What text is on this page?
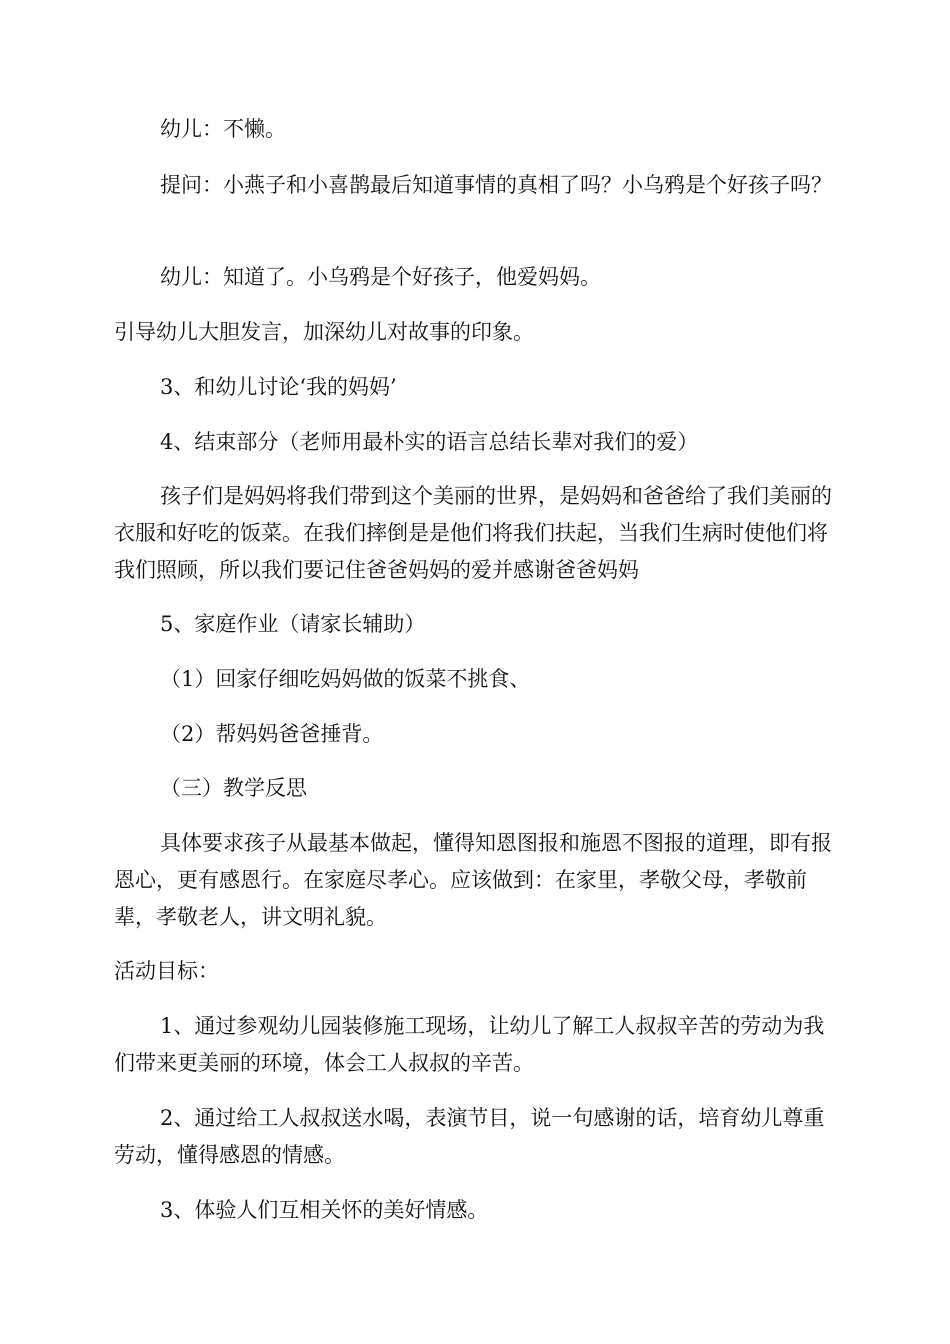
幼儿：不懒。

提问：小燕子和小喜鹊最后知道事情的真相了吗？小乌鸦是个好孩子吗？

幼儿：知道了。小乌鸦是个好孩子，他爱妈妈。

引导幼儿大胆发言，加深幼儿对故事的印象。

3、和幼儿讨论‘我的妈妈’

4、结束部分（老师用最朴实的语言总结长辈对我们的爱）

孩子们是妈妈将我们带到这个美丽的世界，是妈妈和爸爸给了我们美丽的衣服和好吃的饭菜。在我们摔倒是是他们将我们扶起，当我们生病时使他们将我们照顾，所以我们要记住爸爸妈妈的爱并感谢爸爸妈妈

5、家庭作业（请家长辅助）

（1）回家仔细吃妈妈做的饭菜不挑食、

（2）帮妈妈爸爸捶背。

（三）教学反思

具体要求孩子从最基本做起，懂得知恩图报和施恩不图报的道理，即有报恩心，更有感恩行。在家庭尽孝心。应该做到：在家里，孝敬父母，孝敬前辈，孝敬老人，讲文明礼貌。

活动目标：

1、通过参观幼儿园装修施工现场，让幼儿了解工人叔叔辛苦的劳动为我们带来更美丽的环境，体会工人叔叔的辛苦。

2、通过给工人叔叔送水喝，表演节目，说一句感谢的话，培育幼儿尊重劳动，懂得感恩的情感。

3、体验人们互相关怀的美好情感。
